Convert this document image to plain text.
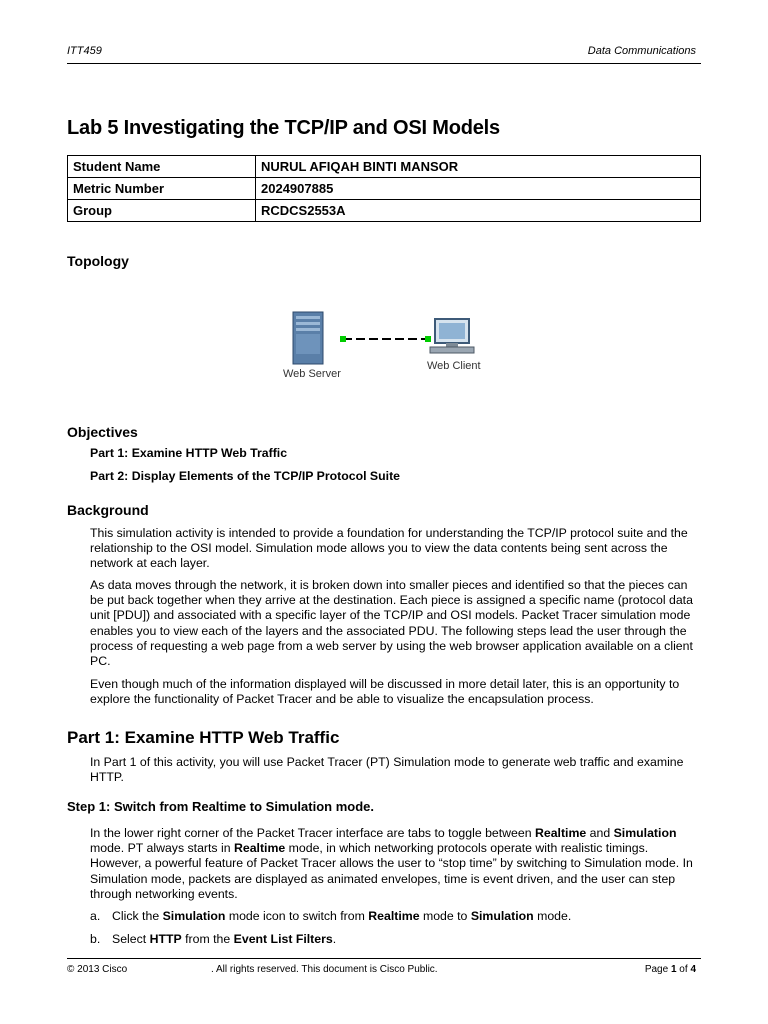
ITT459	Data Communications
Lab 5 Investigating the TCP/IP and OSI Models
Student Name	NURUL AFIQAH BINTI MANSOR
Metric Number	2024907885
Group	RCDCS2553A
Topology
Web Server
Web Client
Objectives
Part 1: Examine HTTP Web Traffic
Part 2: Display Elements of the TCP/IP Protocol Suite
Background
This simulation activity is intended to provide a foundation for understanding the TCP/IP protocol suite and the relationship to the OSI model. Simulation mode allows you to view the data contents being sent across the network at each layer.
As data moves through the network, it is broken down into smaller pieces and identified so that the pieces can be put back together when they arrive at the destination. Each piece is assigned a specific name (protocol data unit [PDU]) and associated with a specific layer of the TCP/IP and OSI models. Packet Tracer simulation mode enables you to view each of the layers and the associated PDU. The following steps lead the user through the process of requesting a web page from a web server by using the web browser application available on a client PC.
Even though much of the information displayed will be discussed in more detail later, this is an opportunity to explore the functionality of Packet Tracer and be able to visualize the encapsulation process.
Part 1: Examine HTTP Web Traffic
In Part 1 of this activity, you will use Packet Tracer (PT) Simulation mode to generate web traffic and examine HTTP.
Step 1: Switch from Realtime to Simulation mode.
In the lower right corner of the Packet Tracer interface are tabs to toggle between Realtime and Simulation mode. PT always starts in Realtime mode, in which networking protocols operate with realistic timings. However, a powerful feature of Packet Tracer allows the user to “stop time” by switching to Simulation mode. In Simulation mode, packets are displayed as animated envelopes, time is event driven, and the user can step through networking events.
a. Click the Simulation mode icon to switch from Realtime mode to Simulation mode.
b. Select HTTP from the Event List Filters.
© 2013 Cisco	. All rights reserved. This document is Cisco Public.	Page 1 of 4
